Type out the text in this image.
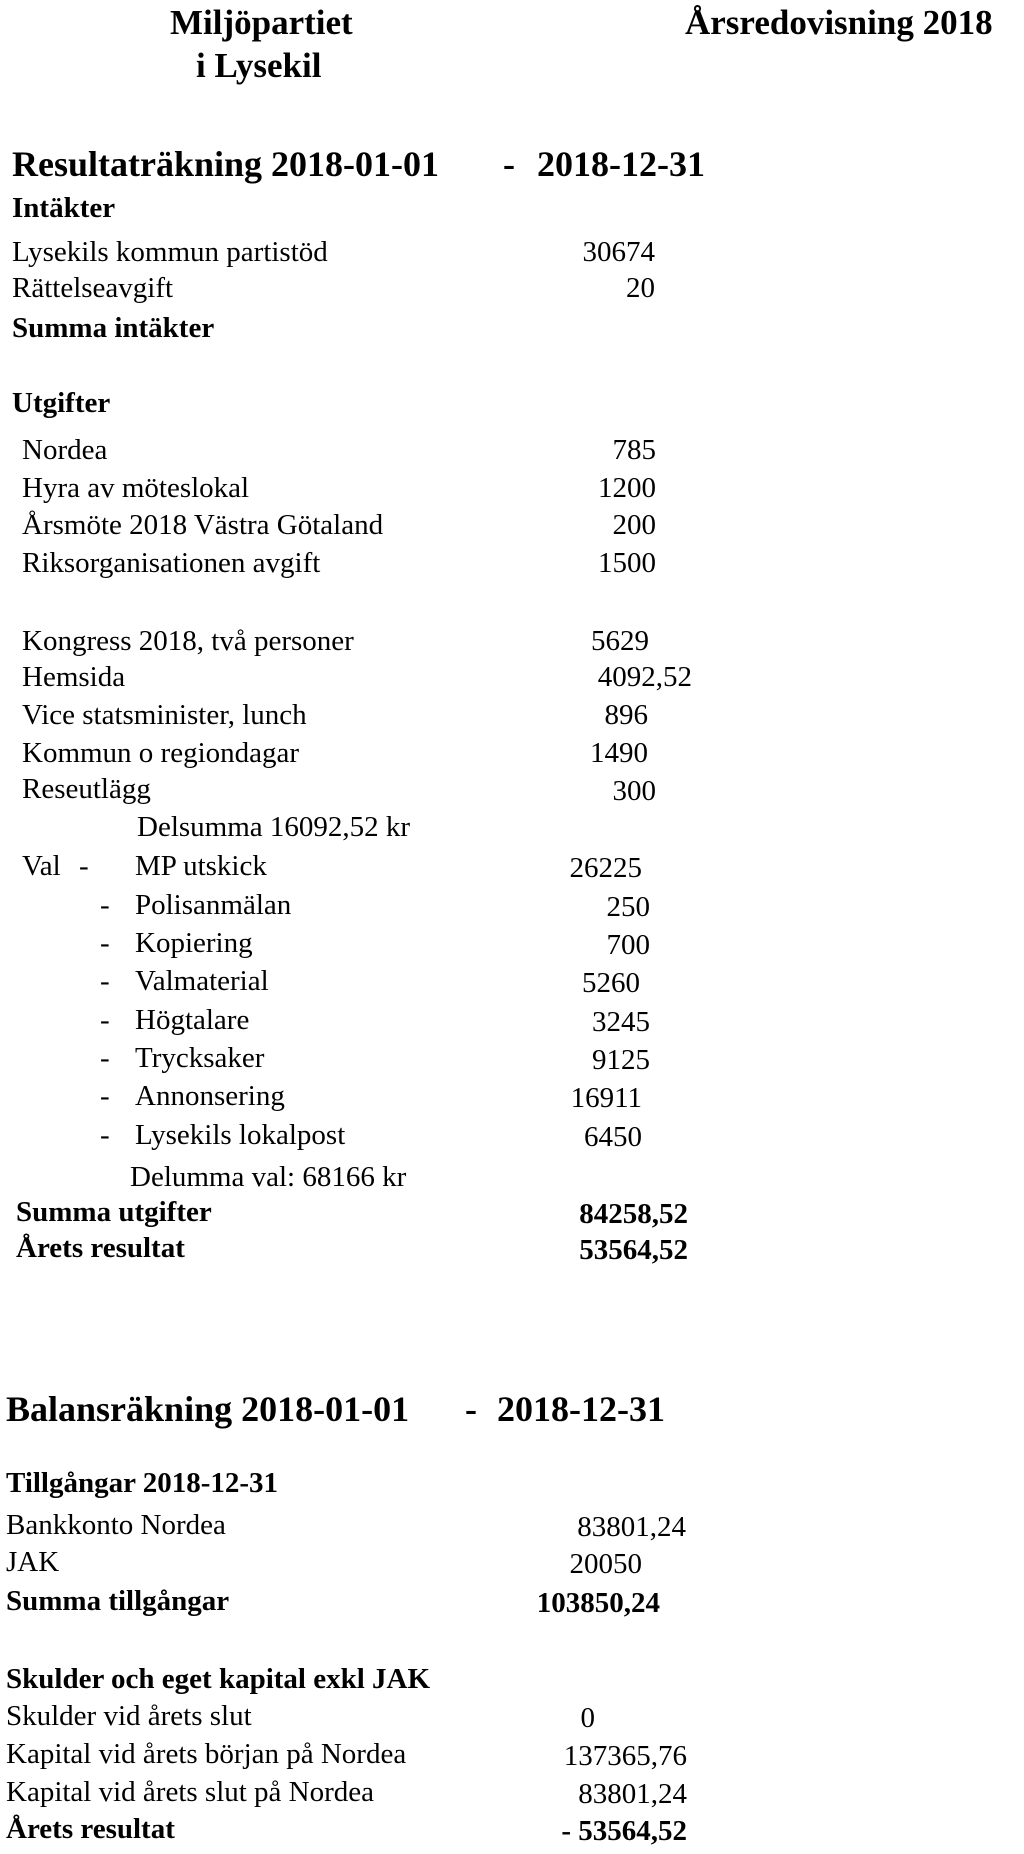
Miljöpartiet
i Lysekil
Årsredovisning 2018
Resultaträkning 2018-01-01 - 2018-12-31
Intäkter
Lysekils kommun partistöd	30674
Rättelseavgift	20
Summa intäkter
Utgifter
Nordea	785
Hyra av möteslokal	1200
Årsmöte 2018 Västra Götaland	200
Riksorganisationen avgift	1500
Kongress 2018, två personer	5629
Hemsida	4092,52
Vice statsminister, lunch	896
Kommun o regiondagar	1490
Reseutlägg	300
Delsumma 16092,52 kr
Val - MP utskick	26225
- Polisanmälan	250
- Kopiering	700
- Valmaterial	5260
- Högtalare	3245
- Trycksaker	9125
- Annonsering	16911
- Lysekils lokalpost	6450
Delumma val: 68166 kr
Summa utgifter	84258,52
Årets resultat	53564,52
Balansräkning 2018-01-01 - 2018-12-31
Tillgångar 2018-12-31
Bankkonto Nordea	83801,24
JAK	20050
Summa tillgångar	103850,24
Skulder och eget kapital exkl JAK
Skulder vid årets slut	0
Kapital vid årets början på Nordea	137365,76
Kapital vid årets slut på Nordea	83801,24
Årets resultat	- 53564,52
